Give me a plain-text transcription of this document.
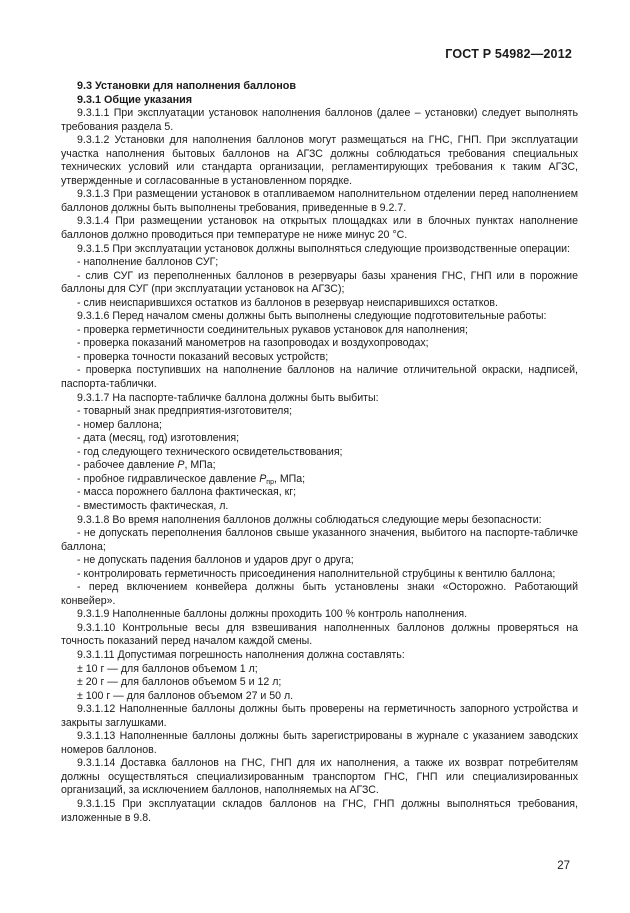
ГОСТ Р 54982—2012

9.3 Установки для наполнения баллонов

9.3.1 Общие указания

9.3.1.1 При эксплуатации установок наполнения баллонов (далее – установки) следует выполнять требования раздела 5.

9.3.1.2 Установки для наполнения баллонов могут размещаться на ГНС, ГНП. При эксплуатации участка наполнения бытовых баллонов на АГЗС должны соблюдаться требования специальных технических условий или стандарта организации, регламентирующих требования к таким АГЗС, утвержденные и согласованные в установленном порядке.

9.3.1.3 При размещении установок в отапливаемом наполнительном отделении перед наполнением баллонов должны быть выполнены требования, приведенные в 9.2.7.

9.3.1.4 При размещении установок на открытых площадках или в блочных пунктах наполнение баллонов должно проводиться при температуре не ниже минус 20 °С.

9.3.1.5 При эксплуатации установок должны выполняться следующие производственные операции:

- наполнение баллонов СУГ;

- слив СУГ из переполненных баллонов в резервуары базы хранения ГНС, ГНП или в порожние баллоны для СУГ (при эксплуатации установок на АГЗС);

- слив неиспарившихся остатков из баллонов в резервуар неиспарившихся остатков.

9.3.1.6 Перед началом смены должны быть выполнены следующие подготовительные работы:

- проверка герметичности соединительных рукавов установок для наполнения;

- проверка показаний манометров на газопроводах и воздухопроводах;

- проверка точности показаний весовых устройств;

- проверка поступивших на наполнение баллонов на наличие отличительной окраски, надписей, паспорта-таблички.

9.3.1.7 На паспорте-табличке баллона должны быть выбиты:

- товарный знак предприятия-изготовителя;

- номер баллона;

- дата (месяц, год) изготовления;

- год следующего технического освидетельствования;

- рабочее давление Р, МПа;

- пробное гидравлическое давление $Р_{пр}$, МПа;

- масса порожнего баллона фактическая, кг;

- вместимость фактическая, л.

9.3.1.8 Во время наполнения баллонов должны соблюдаться следующие меры безопасности:

- не допускать переполнения баллонов свыше указанного значения, выбитого на паспорте-табличке баллона;

- не допускать падения баллонов и ударов друг о друга;

- контролировать герметичность присоединения наполнительной струбцины к вентилю баллона;

- перед включением конвейера должны быть установлены знаки «Осторожно. Работающий конвейер».

9.3.1.9 Наполненные баллоны должны проходить 100 % контроль наполнения.

9.3.1.10 Контрольные весы для взвешивания наполненных баллонов должны проверяться на точность показаний перед началом каждой смены.

9.3.1.11 Допустимая погрешность наполнения должна составлять:

± 10 г — для баллонов объемом 1 л;

± 20 г — для баллонов объемом 5 и 12 л;

± 100 г — для баллонов объемом 27 и 50 л.

9.3.1.12 Наполненные баллоны должны быть проверены на герметичность запорного устройства и закрыты заглушками.

9.3.1.13 Наполненные баллоны должны быть зарегистрированы в журнале с указанием заводских номеров баллонов.

9.3.1.14 Доставка баллонов на ГНС, ГНП для их наполнения, а также их возврат потребителям должны осуществляться специализированным транспортом ГНС, ГНП или специализированных организаций, за исключением баллонов, наполняемых на АГЗС.

9.3.1.15 При эксплуатации складов баллонов на ГНС, ГНП должны выполняться требования, изложенные в 9.8.

27
